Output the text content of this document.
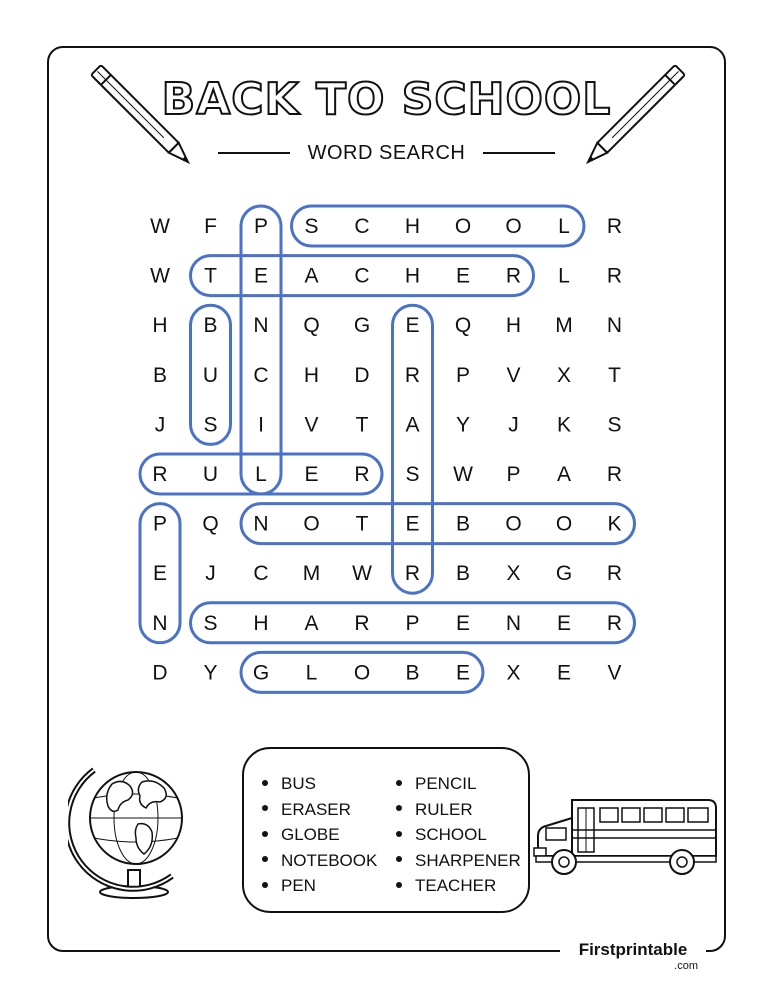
BACK TO SCHOOL
WORD SEARCH
W F P S C H O O L R
W T E A C H E R L R
H B N Q G E Q H M N
B U C H D R P V X T
J S I V T A Y J K S
R U L E R S W P A R
P Q N O T E B O O K
E J C M W R B X G R
N S H A R P E N E R
D Y G L O B E X E V
BUS
ERASER
GLOBE
NOTEBOOK
PEN
PENCIL
RULER
SCHOOL
SHARPENER
TEACHER
Firstprintable
.com
